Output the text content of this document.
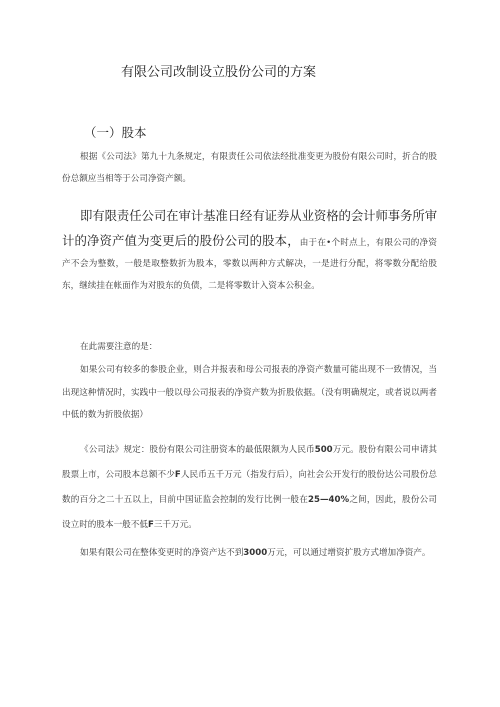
有限公司改制设立股份公司的方案
（一）股本
根据《公司法》第九十九条规定，有限责任公司依法经批准变更为股份有限公司时，折合的股份总额应当相等于公司净资产额。
即有限责任公司在审计基准日经有证券从业资格的会计师事务所审计的净资产值为变更后的股份公司的股本，由于在•个时点上，有限公司的净资产不会为整数，一般是取整数折为股本，零数以两种方式解决，一是进行分配，将零数分配给股东，继续挂在帐面作为对股东的负债，二是将零数计入资本公积金。
在此需要注意的是：
如果公司有较多的参股企业，则合并报表和母公司报表的净资产数量可能出现不一致情况，当出现这种情况时，实践中一般以母公司报表的净资产数为折股依据。（没有明确规定，或者说以两者中低的数为折股依据）
《公司法》规定：股份有限公司注册资本的最低限额为人民币500万元。股份有限公司申请其股票上市，公司股本总额不少F人民币五千万元（指发行后），向社会公开发行的股份达公司股份总数的百分之二十五以上，目前中国证监会控制的发行比例一般在25—40%之间，因此，股份公司设立时的股本一般不低F三千万元。
如果有限公司在整体变更时的净资产达不到3000万元，可以通过增资扩股方式增加净资产。
